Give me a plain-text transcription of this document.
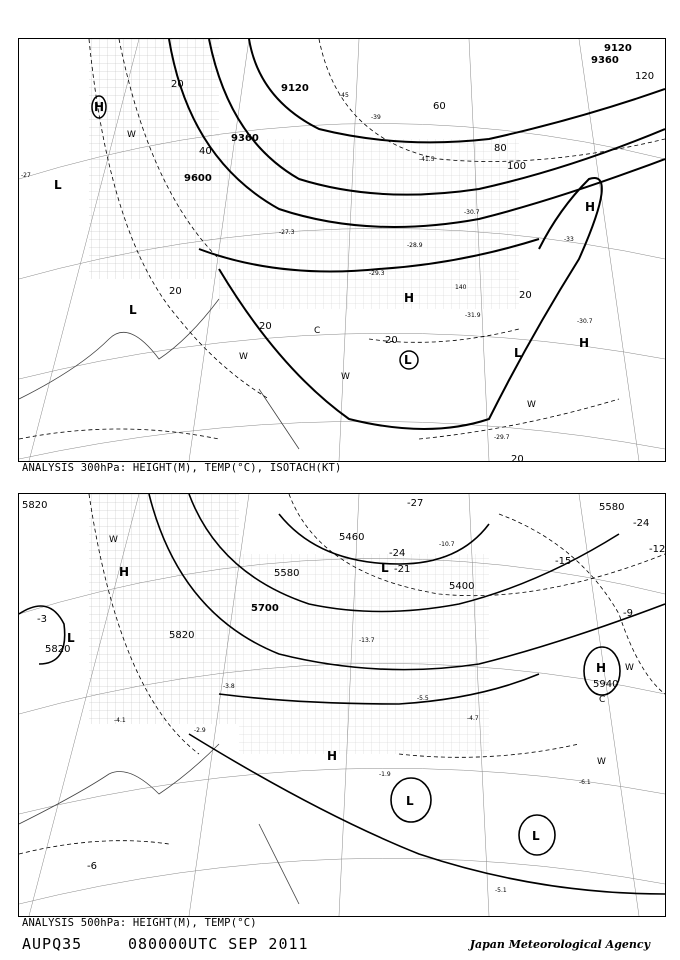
9120
9360
9120
9360
9600
20
40
60
80
100
120
20
20
20
20
20
H
L
L
H
H
L	L
H
W
W
W
W
C
-27
-28.9
-29.3
-30.7
-33
-31.9
-29.7
-30.7
-27.3
-41.5
-45
-39
140
ANALYSIS 300hPa: HEIGHT(M), TEMP(°C), ISOTACH(KT)
5820
5820
5820
5460
5580
5700
5400
5580
5940
-27
-24
-21
-3
-6
-9
-12
-24
-15
H
L
L
H
H
L
L
W
W
W
C
-4.1
-2.9
-5.5
-10.7
-13.7
-6.1
-5.1
-1.9
-4.7
-3.8
ANALYSIS 500hPa: HEIGHT(M), TEMP(°C)
AUPQ35	080000UTC SEP 2011	Japan Meteorological Agency
